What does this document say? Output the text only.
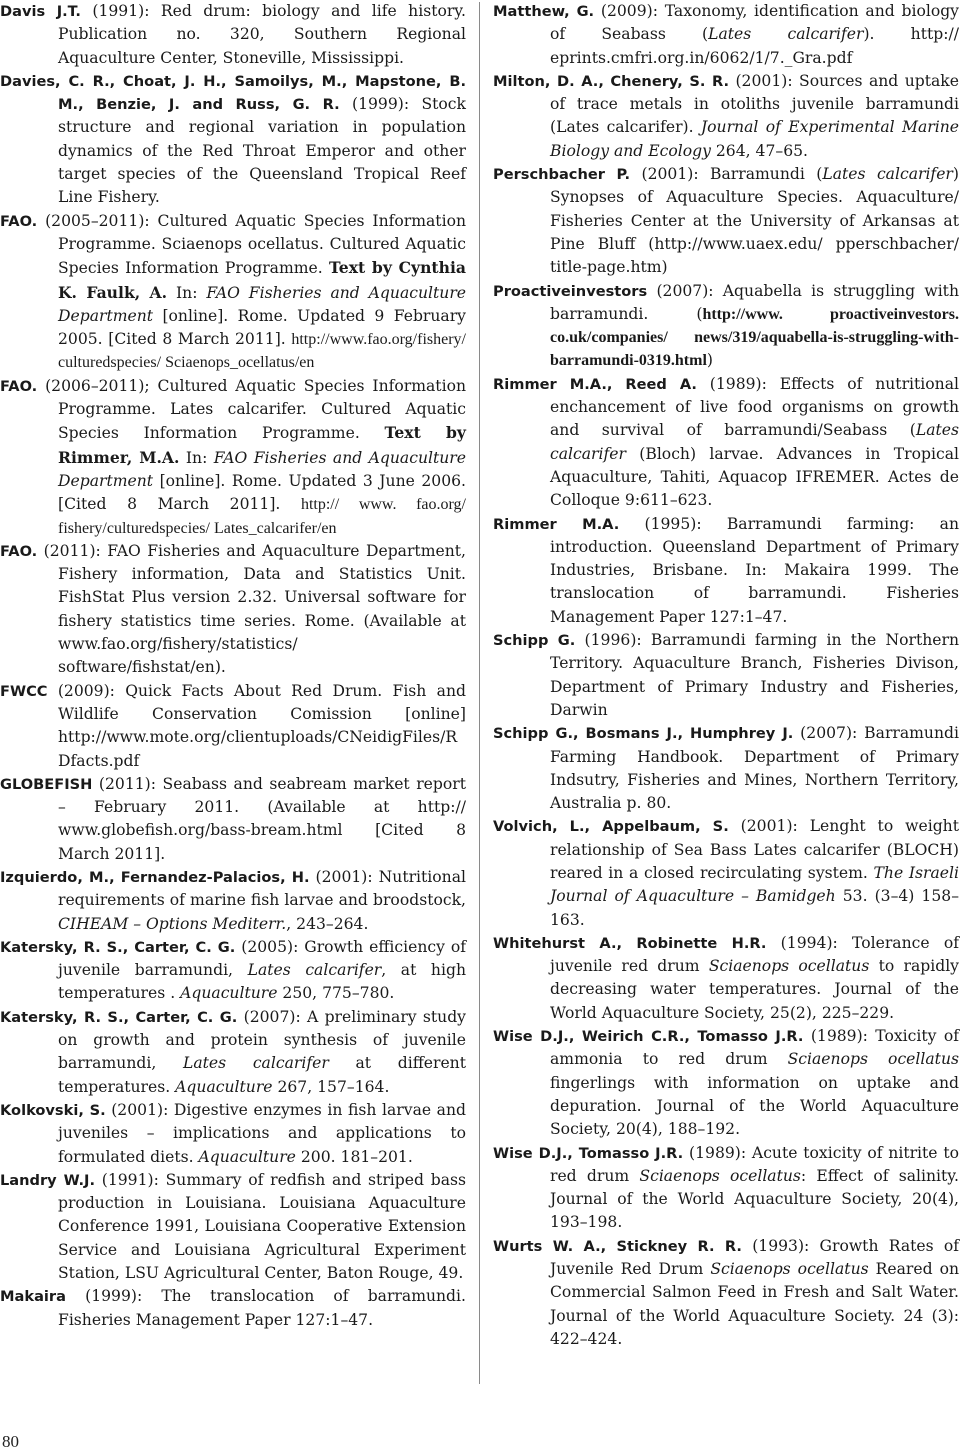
Davis J.T. (1991): Red drum: biology and life history. Publication no. 320, Southern Regional Aquaculture Center, Stoneville, Mississippi.

Davies, C. R., Choat, J. H., Samoilys, M., Mapstone, B. M., Benzie, J. and Russ, G. R. (1999): Stock structure and regional variation in population dynamics of the Red Throat Emperor and other target species of the Queensland Tropical Reef Line Fishery.

FAO. (2005–2011): Cultured Aquatic Species Information Programme. Sciaenops ocellatus. Cultured Aquatic Species Information Programme. Text by Cynthia K. Faulk, A. In: FAO Fisheries and Aquaculture Department [online]. Rome. Updated 9 February 2005. [Cited 8 March 2011]. http://www.fao.org/fishery/ culturedspecies/ Sciaenops_ocellatus/en

FAO. (2006–2011); Cultured Aquatic Species Information Programme. Lates calcarifer. Cultured Aquatic Species Information Programme. Text by Rimmer, M.A. In: FAO Fisheries and Aquaculture Department [online]. Rome. Updated 3 June 2006. [Cited 8 March 2011]. http:// www. fao.org/ fishery/culturedspecies/ Lates_calcarifer/en

FAO. (2011): FAO Fisheries and Aquaculture Department, Fishery information, Data and Statistics Unit. FishStat Plus version 2.32. Universal software for fishery statistics time series. Rome. (Available at www.fao.org/fishery/statistics/ software/fishstat/en).

FWCC (2009): Quick Facts About Red Drum. Fish and Wildlife Conservation Comission [online] http://www.mote.org/clientuploads/CNeidigFiles/RDfacts.pdf

GLOBEFISH (2011): Seabass and seabream market report – February 2011. (Available at http:// www.globefish.org/bass-bream.html [Cited 8 March 2011].

Izquierdo, M., Fernandez-Palacios, H. (2001): Nutritional requirements of marine fish larvae and broodstock, CIHEAM – Options Mediterr., 243–264.

Katersky, R. S., Carter, C. G. (2005): Growth efficiency of juvenile barramundi, Lates calcarifer, at high temperatures . Aquaculture 250, 775–780.

Katersky, R. S., Carter, C. G. (2007): A preliminary study on growth and protein synthesis of juvenile barramundi, Lates calcarifer at different temperatures. Aquaculture 267, 157–164.

Kolkovski, S. (2001): Digestive enzymes in fish larvae and juveniles – implications and applications to formulated diets. Aquaculture 200. 181–201.

Landry W.J. (1991): Summary of redfish and striped bass production in Louisiana. Louisiana Aquaculture Conference 1991, Louisiana Cooperative Extension Service and Louisiana Agricultural Experiment Station, LSU Agricultural Center, Baton Rouge, 49.

Makaira (1999): The translocation of barramundi. Fisheries Management Paper 127:1–47.

Matthew, G. (2009): Taxonomy, identification and biology of Seabass (Lates calcarifer). http:// eprints.cmfri.org.in/6062/1/7._Gra.pdf

Milton, D. A., Chenery, S. R. (2001): Sources and uptake of trace metals in otoliths juvenile barramundi (Lates calcarifer). Journal of Experimental Marine Biology and Ecology 264, 47–65.

Perschbacher P. (2001): Barramundi (Lates calcarifer) Synopses of Aquaculture Species. Aquaculture/ Fisheries Center at the University of Arkansas at Pine Bluff (http://www.uaex.edu/ pperschbacher/ title-page.htm)

Proactiveinvestors (2007): Aquabella is struggling with barramundi. (http://www. proactiveinvestors. co.uk/companies/ news/319/aquabella-is-struggling-with-barramundi-0319.html)

Rimmer M.A., Reed A. (1989): Effects of nutritional enchancement of live food organisms on growth and survival of barramundi/Seabass (Lates calcarifer (Bloch) larvae. Advances in Tropical Aquaculture, Tahiti, Aquacop IFREMER. Actes de Colloque 9:611–623.

Rimmer M.A. (1995): Barramundi farming: an introduction. Queensland Department of Primary Industries, Brisbane. In: Makaira 1999. The translocation of barramundi. Fisheries Management Paper 127:1–47.

Schipp G. (1996): Barramundi farming in the Northern Territory. Aquaculture Branch, Fisheries Divison, Department of Primary Industry and Fisheries, Darwin

Schipp G., Bosmans J., Humphrey J. (2007): Barramundi Farming Handbook. Department of Primary Indsutry, Fisheries and Mines, Northern Territory, Australia p. 80.

Volvich, L., Appelbaum, S. (2001): Lenght to weight relationship of Sea Bass Lates calcarifer (BLOCH) reared in a closed recirculating system. The Israeli Journal of Aquaculture – Bamidgeh 53. (3–4) 158–163.

Whitehurst A., Robinette H.R. (1994): Tolerance of juvenile red drum Sciaenops ocellatus to rapidly decreasing water temperatures. Journal of the World Aquaculture Society, 25(2), 225–229.

Wise D.J., Weirich C.R., Tomasso J.R. (1989): Toxicity of ammonia to red drum Sciaenops ocellatus fingerlings with information on uptake and depuration. Journal of the World Aquaculture Society, 20(4), 188–192.

Wise D.J., Tomasso J.R. (1989): Acute toxicity of nitrite to red drum Sciaenops ocellatus: Effect of salinity. Journal of the World Aquaculture Society, 20(4), 193–198.

Wurts W. A., Stickney R. R. (1993): Growth Rates of Juvenile Red Drum Sciaenops ocellatus Reared on Commercial Salmon Feed in Fresh and Salt Water. Journal of the World Aquaculture Society. 24 (3): 422–424.

80
